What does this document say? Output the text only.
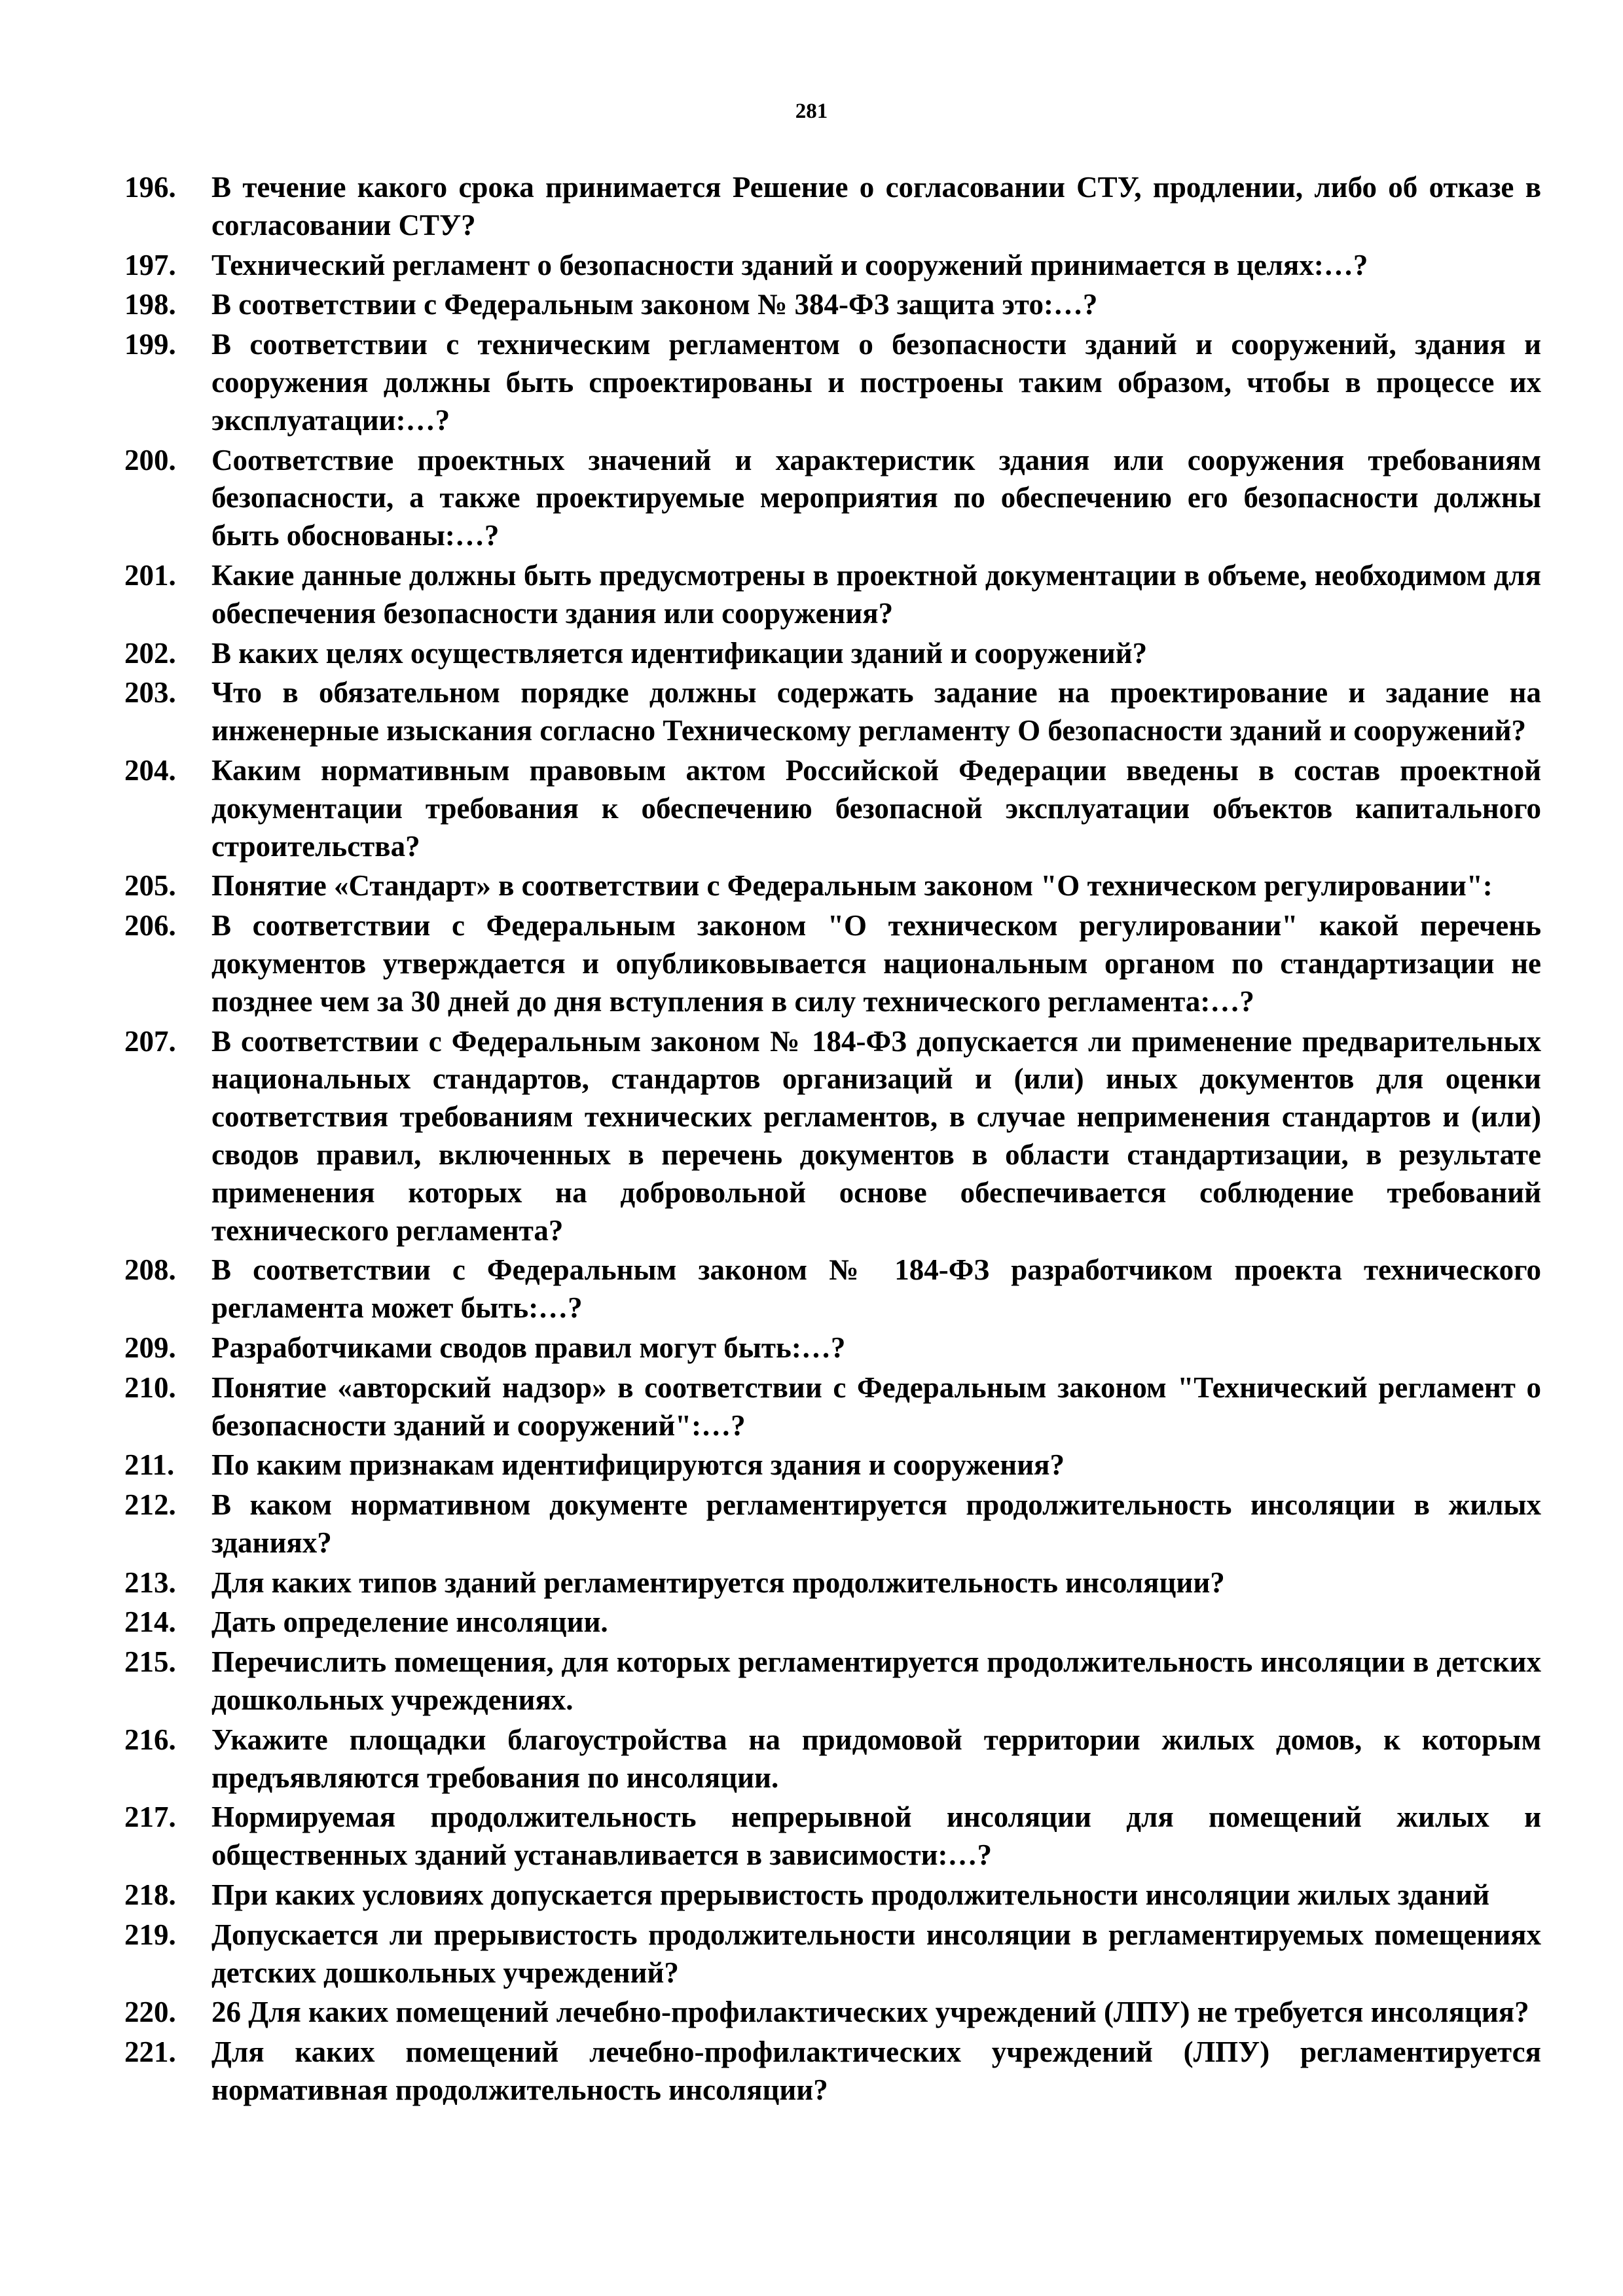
281
196.	В течение какого срока принимается Решение о согласовании СТУ, продлении, либо об отказе в согласовании СТУ?
197.	Технический регламент о безопасности зданий и сооружений принимается в целях:…?
198.	В соответствии с Федеральным законом № 384-ФЗ защита это:…?
199.	В соответствии с техническим регламентом о безопасности зданий и сооружений, здания и сооружения должны быть спроектированы и построены таким образом, чтобы в процессе их эксплуатации:…?
200.	Соответствие проектных значений и характеристик здания или сооружения требованиям безопасности, а также проектируемые мероприятия по обеспечению его безопасности должны быть обоснованы:…?
201.	Какие данные должны быть предусмотрены в проектной документации в объеме, необходимом для обеспечения безопасности здания или сооружения?
202.	В каких целях осуществляется идентификации зданий и сооружений?
203.	Что в обязательном порядке должны содержать задание на проектирование и задание на инженерные изыскания согласно Техническому регламенту О безопасности зданий и сооружений?
204.	Каким нормативным правовым актом Российской Федерации введены в состав проектной документации требования к обеспечению безопасной эксплуатации объектов капитального строительства?
205.	Понятие «Стандарт» в соответствии с Федеральным законом "О техническом регулировании":
206.	В соответствии с Федеральным законом "О техническом регулировании" какой перечень документов утверждается и опубликовывается национальным органом по стандартизации не позднее чем за 30 дней до дня вступления в силу технического регламента:…?
207.	В соответствии с Федеральным законом № 184-ФЗ допускается ли применение предварительных национальных стандартов, стандартов организаций и (или) иных документов для оценки соответствия требованиям технических регламентов, в случае неприменения стандартов и (или) сводов правил, включенных в перечень документов в области стандартизации, в результате применения которых на добровольной основе обеспечивается соблюдение требований технического регламента?
208.	В соответствии с Федеральным законом № 184-ФЗ разработчиком проекта технического регламента может быть:…?
209.	Разработчиками сводов правил могут быть:…?
210.	Понятие «авторский надзор» в соответствии с Федеральным законом "Технический регламент о безопасности зданий и сооружений":…?
211.	По каким признакам идентифицируются здания и сооружения?
212.	В каком нормативном документе регламентируется продолжительность инсоляции в жилых зданиях?
213.	Для каких типов зданий регламентируется продолжительность инсоляции?
214.	Дать определение инсоляции.
215.	Перечислить помещения, для которых регламентируется продолжительность инсоляции в детских дошкольных учреждениях.
216.	Укажите площадки благоустройства на придомовой территории жилых домов, к которым предъявляются требования по инсоляции.
217.	Нормируемая продолжительность непрерывной инсоляции для помещений жилых и общественных зданий устанавливается в зависимости:…?
218.	При каких условиях допускается прерывистость продолжительности инсоляции жилых зданий
219.	Допускается ли прерывистость продолжительности инсоляции в регламентируемых помещениях детских дошкольных учреждений?
220.	26 Для каких помещений лечебно-профилактических учреждений (ЛПУ) не требуется инсоляция?
221.	Для каких помещений лечебно-профилактических учреждений (ЛПУ) регламентируется нормативная продолжительность инсоляции?
